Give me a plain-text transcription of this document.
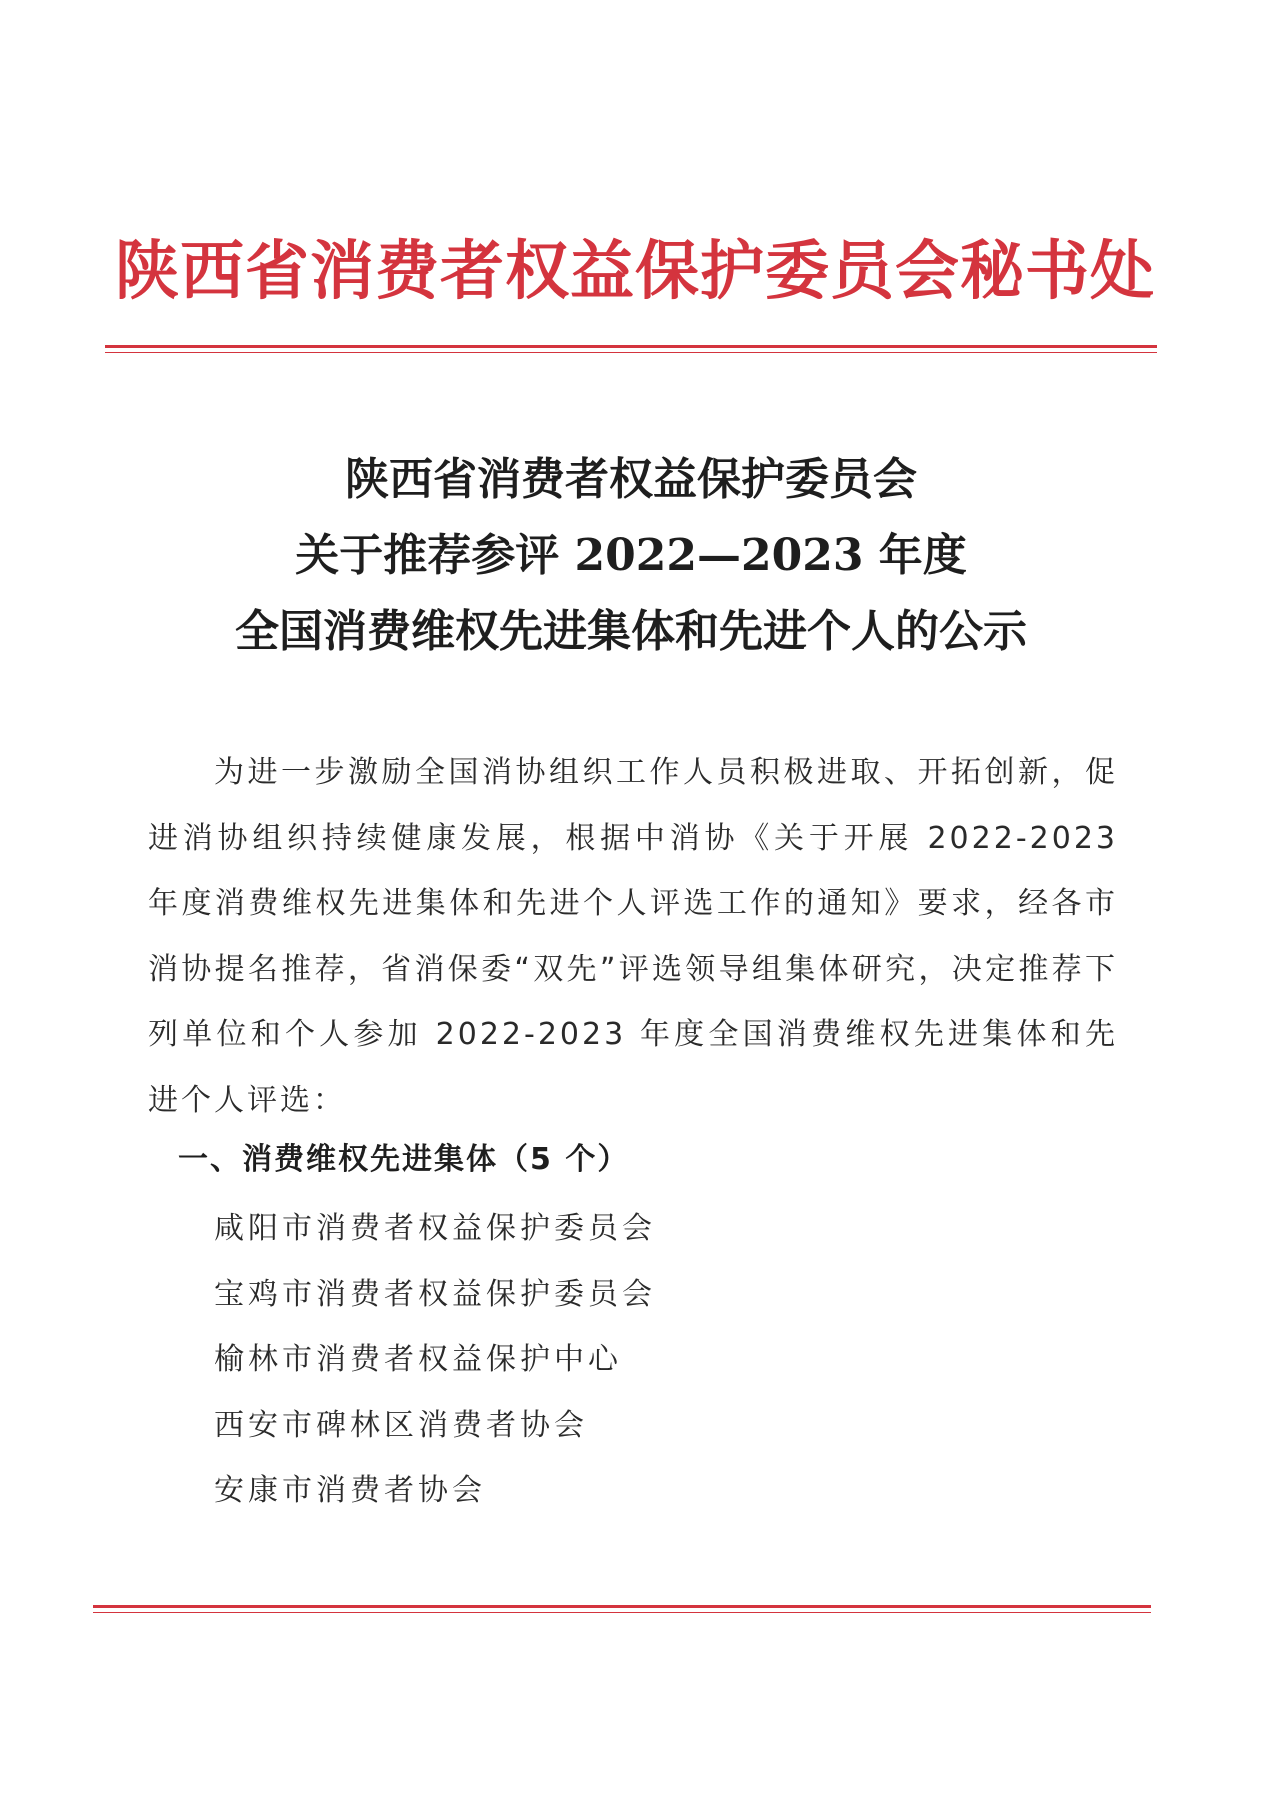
陕西省消费者权益保护委员会秘书处
陕西省消费者权益保护委员会
关于推荐参评 2022—2023 年度
全国消费维权先进集体和先进个人的公示
为进一步激励全国消协组织工作人员积极进取、开拓创新，促进消协组织持续健康发展，根据中消协《关于开展 2022-2023 年度消费维权先进集体和先进个人评选工作的通知》要求，经各市消协提名推荐，省消保委“双先”评选领导组集体研究，决定推荐下列单位和个人参加 2022-2023 年度全国消费维权先进集体和先进个人评选：
一、消费维权先进集体（5 个）
咸阳市消费者权益保护委员会
宝鸡市消费者权益保护委员会
榆林市消费者权益保护中心
西安市碑林区消费者协会
安康市消费者协会
